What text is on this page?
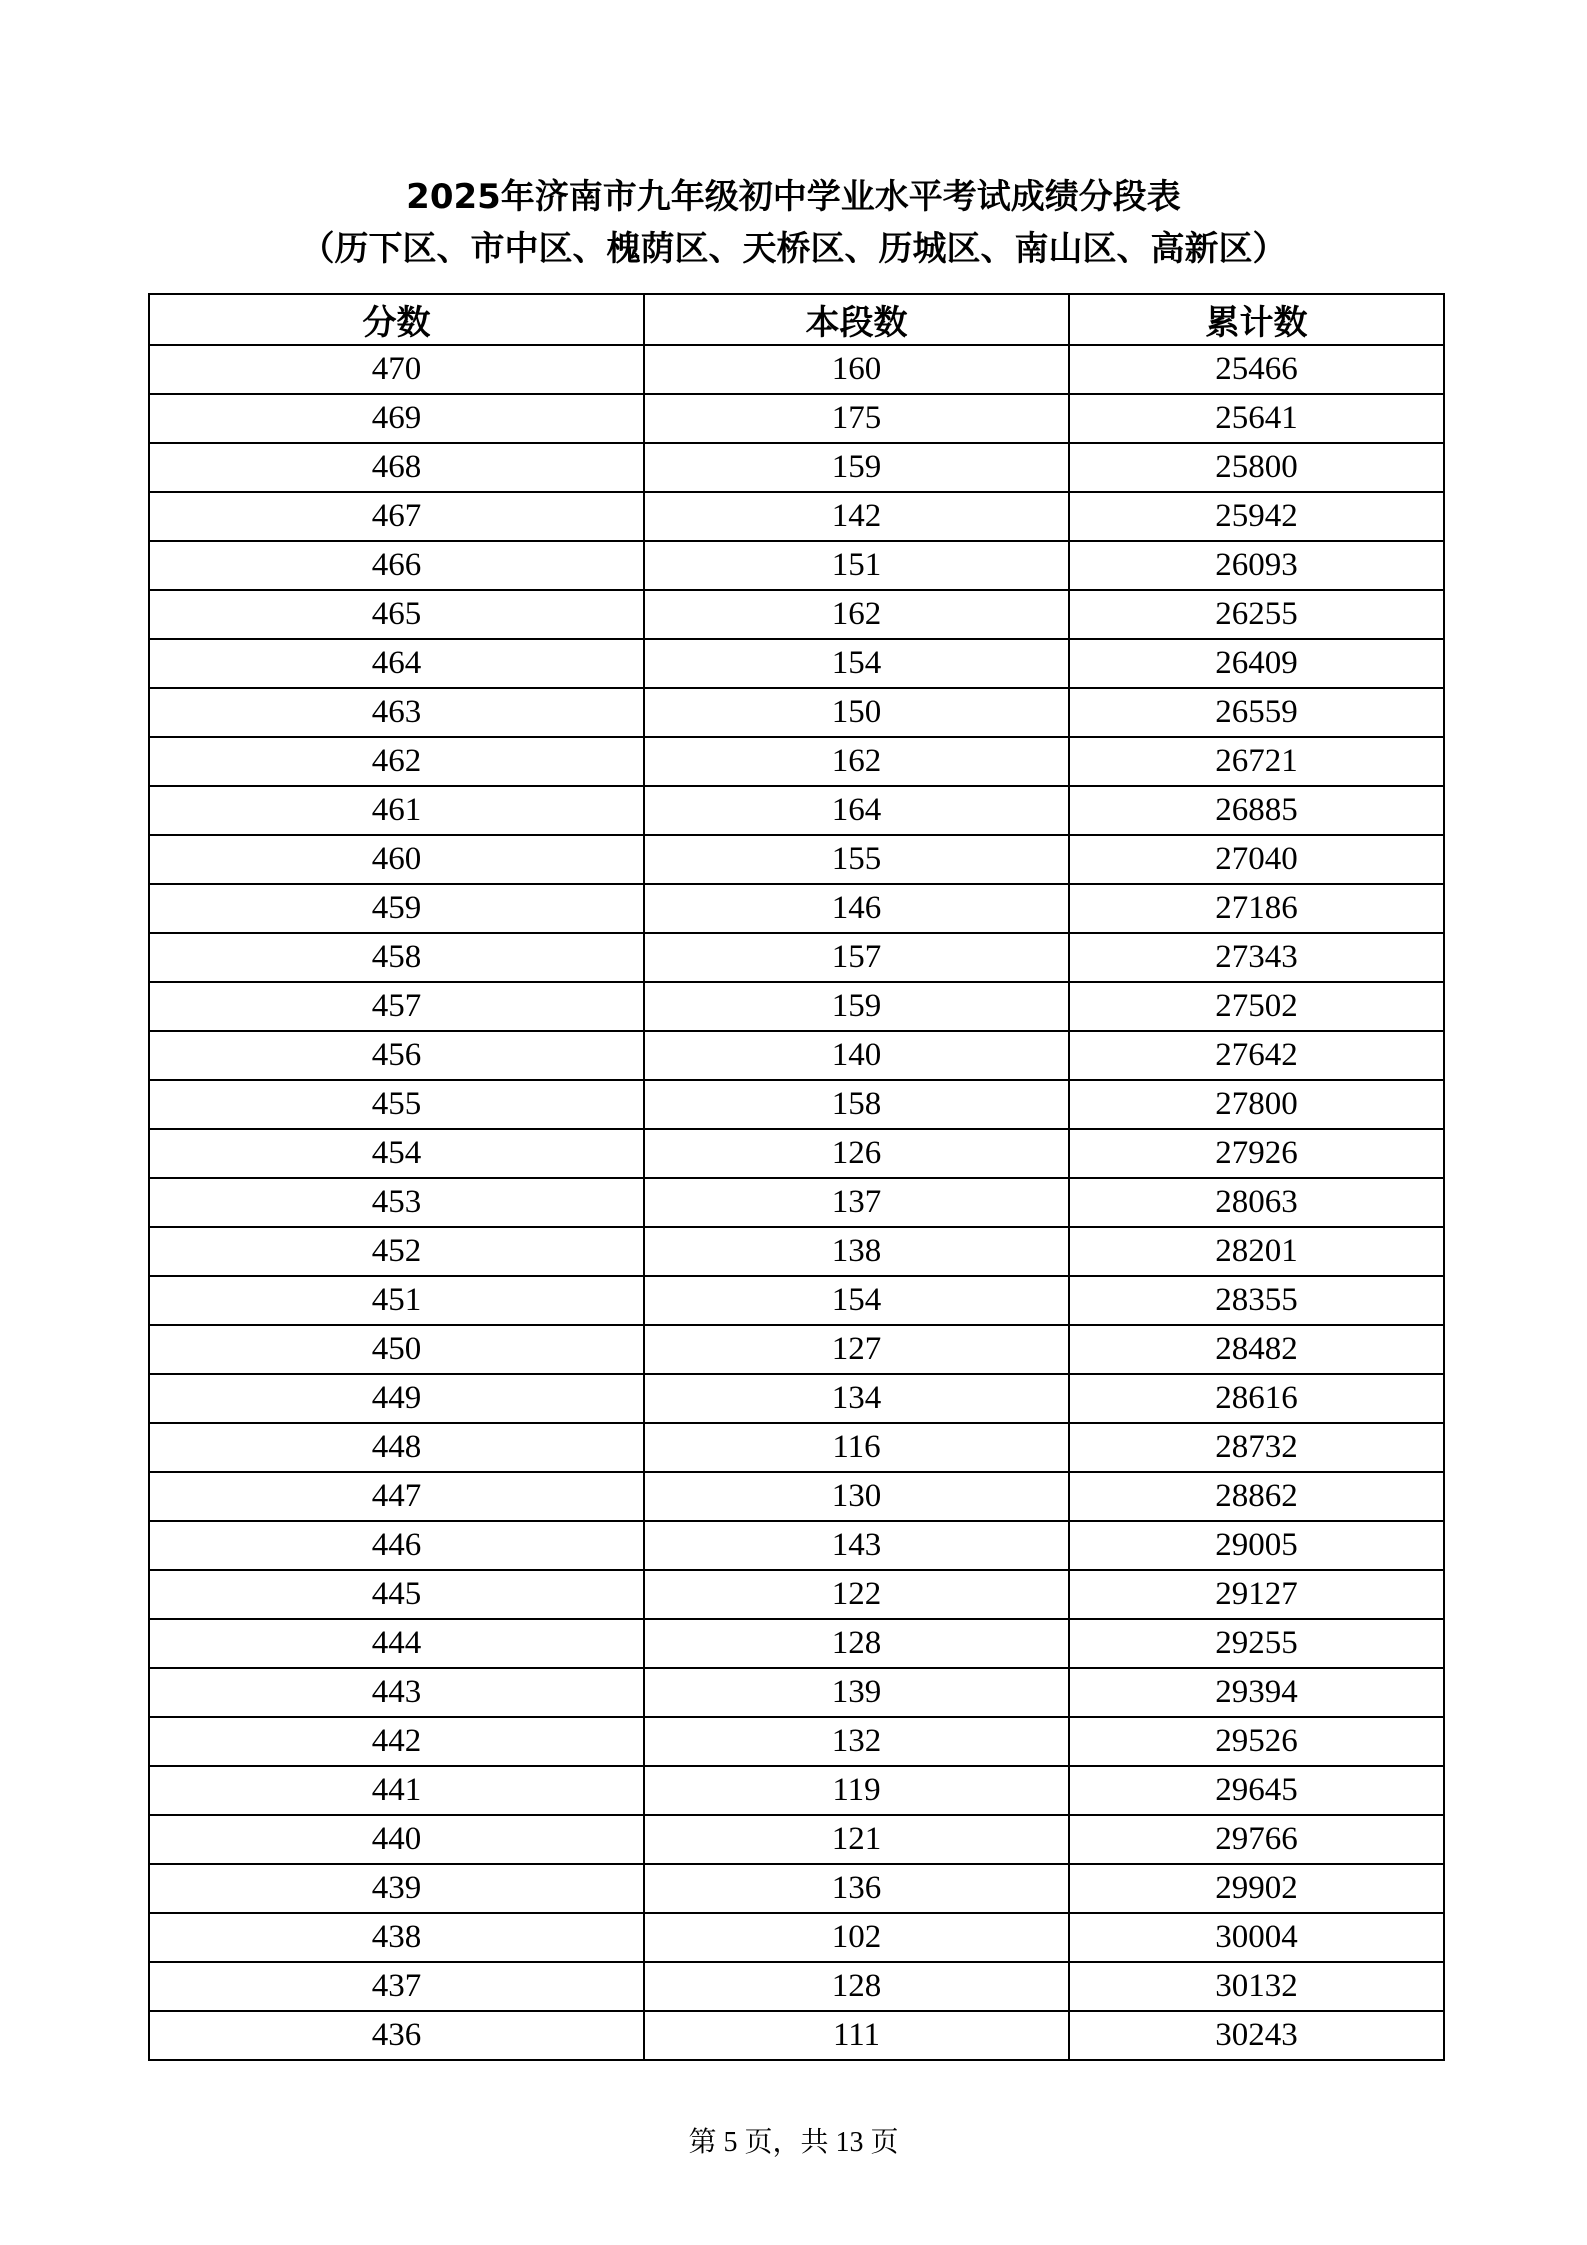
2025年济南市九年级初中学业水平考试成绩分段表
（历下区、市中区、槐荫区、天桥区、历城区、南山区、高新区）
分数	本段数	累计数
470	160	25466
469	175	25641
468	159	25800
467	142	25942
466	151	26093
465	162	26255
464	154	26409
463	150	26559
462	162	26721
461	164	26885
460	155	27040
459	146	27186
458	157	27343
457	159	27502
456	140	27642
455	158	27800
454	126	27926
453	137	28063
452	138	28201
451	154	28355
450	127	28482
449	134	28616
448	116	28732
447	130	28862
446	143	29005
445	122	29127
444	128	29255
443	139	29394
442	132	29526
441	119	29645
440	121	29766
439	136	29902
438	102	30004
437	128	30132
436	111	30243
第 5 页，共 13 页
